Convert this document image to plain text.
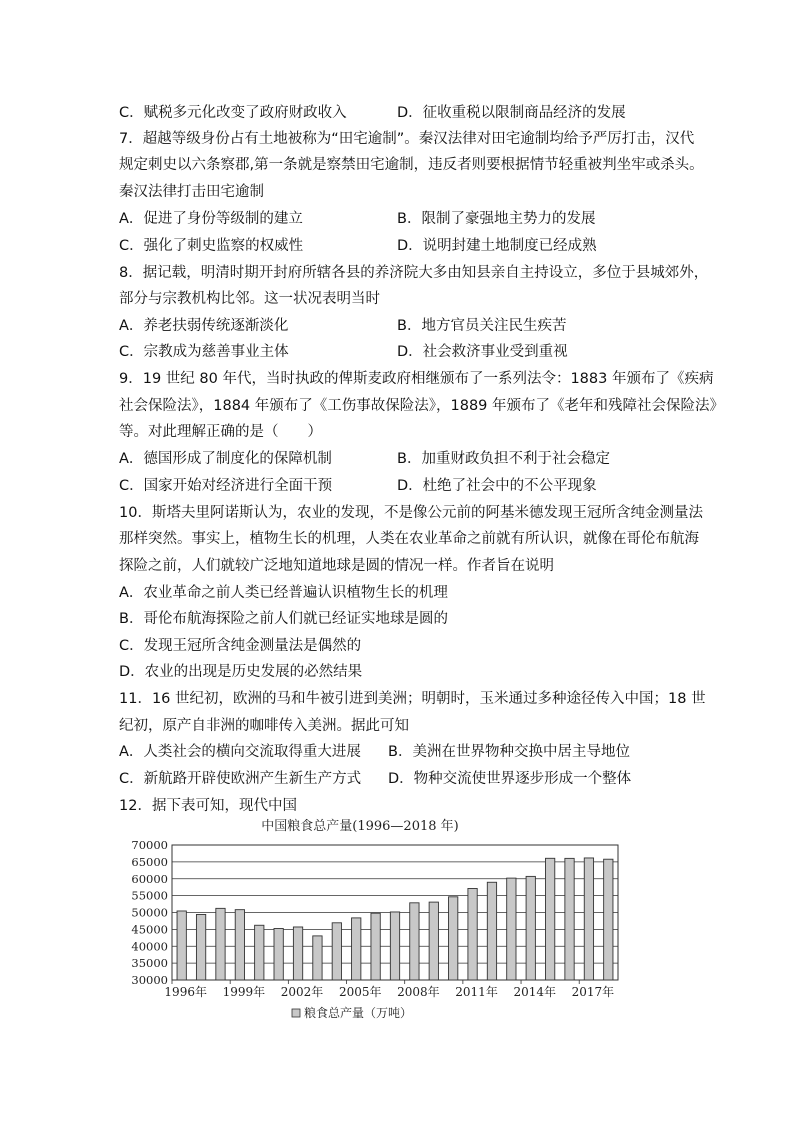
C．赋税多元化改变了政府财政收入	D．征收重税以限制商品经济的发展
7．超越等级身份占有土地被称为“田宅逾制”。秦汉法律对田宅逾制均给予严厉打击，汉代
规定刺史以六条察郡,第一条就是察禁田宅逾制，违反者则要根据情节轻重被判坐牢或杀头。
秦汉法律打击田宅逾制
A．促进了身份等级制的建立	B．限制了豪强地主势力的发展
C．强化了刺史监察的权威性	D．说明封建土地制度已经成熟
8．据记载，明清时期开封府所辖各县的养济院大多由知县亲自主持设立，多位于县城郊外，
部分与宗教机构比邻。这一状况表明当时
A．养老扶弱传统逐渐淡化	B．地方官员关注民生疾苦
C．宗教成为慈善事业主体	D．社会救济事业受到重视
9．19 世纪 80 年代，当时执政的俾斯麦政府相继颁布了一系列法令：1883 年颁布了《疾病
社会保险法》，1884 年颁布了《工伤事故保险法》，1889 年颁布了《老年和残障社会保险法》
等。对此理解正确的是（　　）
A．德国形成了制度化的保障机制	B．加重财政负担不利于社会稳定
C．国家开始对经济进行全面干预	D．杜绝了社会中的不公平现象
10．斯塔夫里阿诺斯认为，农业的发现，不是像公元前的阿基米德发现王冠所含纯金测量法
那样突然。事实上，植物生长的机理，人类在农业革命之前就有所认识，就像在哥伦布航海
探险之前，人们就较广泛地知道地球是圆的情况一样。作者旨在说明
A．农业革命之前人类已经普遍认识植物生长的机理
B．哥伦布航海探险之前人们就已经证实地球是圆的
C．发现王冠所含纯金测量法是偶然的
D．农业的出现是历史发展的必然结果
11．16 世纪初，欧洲的马和牛被引进到美洲；明朝时，玉米通过多种途径传入中国；18 世
纪初，原产自非洲的咖啡传入美洲。据此可知
A．人类社会的横向交流取得重大进展 B．美洲在世界物种交换中居主导地位
C．新航路开辟使欧洲产生新生产方式 D．物种交流使世界逐步形成一个整体
12．据下表可知，现代中国
中国粮食总产量(1996—2018 年)
70000
65000
60000
55000
50000
45000
40000
35000
30000
1996年 1999年 2002年 2005年 2008年 2011年 2014年 2017年
粮食总产量（万吨）
